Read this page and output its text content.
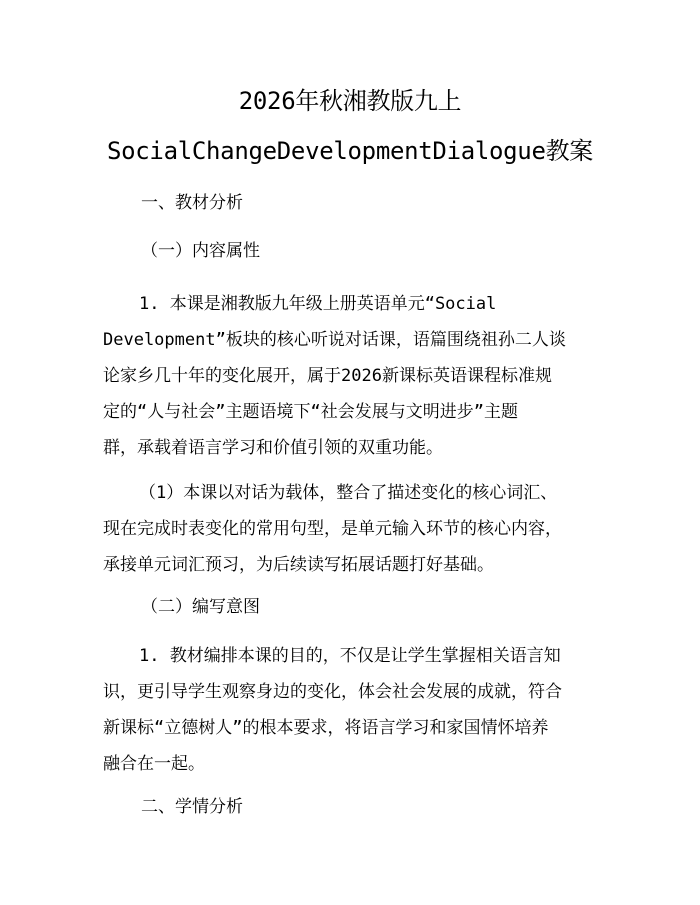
2026年秋湘教版九上
SocialChangeDevelopmentDialogue教案
一、教材分析
（一）内容属性
1. 本课是湘教版九年级上册英语单元“Social
Development”板块的核心听说对话课，语篇围绕祖孙二人谈
论家乡几十年的变化展开，属于2026新课标英语课程标准规
定的“人与社会”主题语境下“社会发展与文明进步”主题
群，承载着语言学习和价值引领的双重功能。
（1）本课以对话为载体，整合了描述变化的核心词汇、
现在完成时表变化的常用句型，是单元输入环节的核心内容，
承接单元词汇预习，为后续读写拓展话题打好基础。
（二）编写意图
1. 教材编排本课的目的，不仅是让学生掌握相关语言知
识，更引导学生观察身边的变化，体会社会发展的成就，符合
新课标“立德树人”的根本要求，将语言学习和家国情怀培养
融合在一起。
二、学情分析
